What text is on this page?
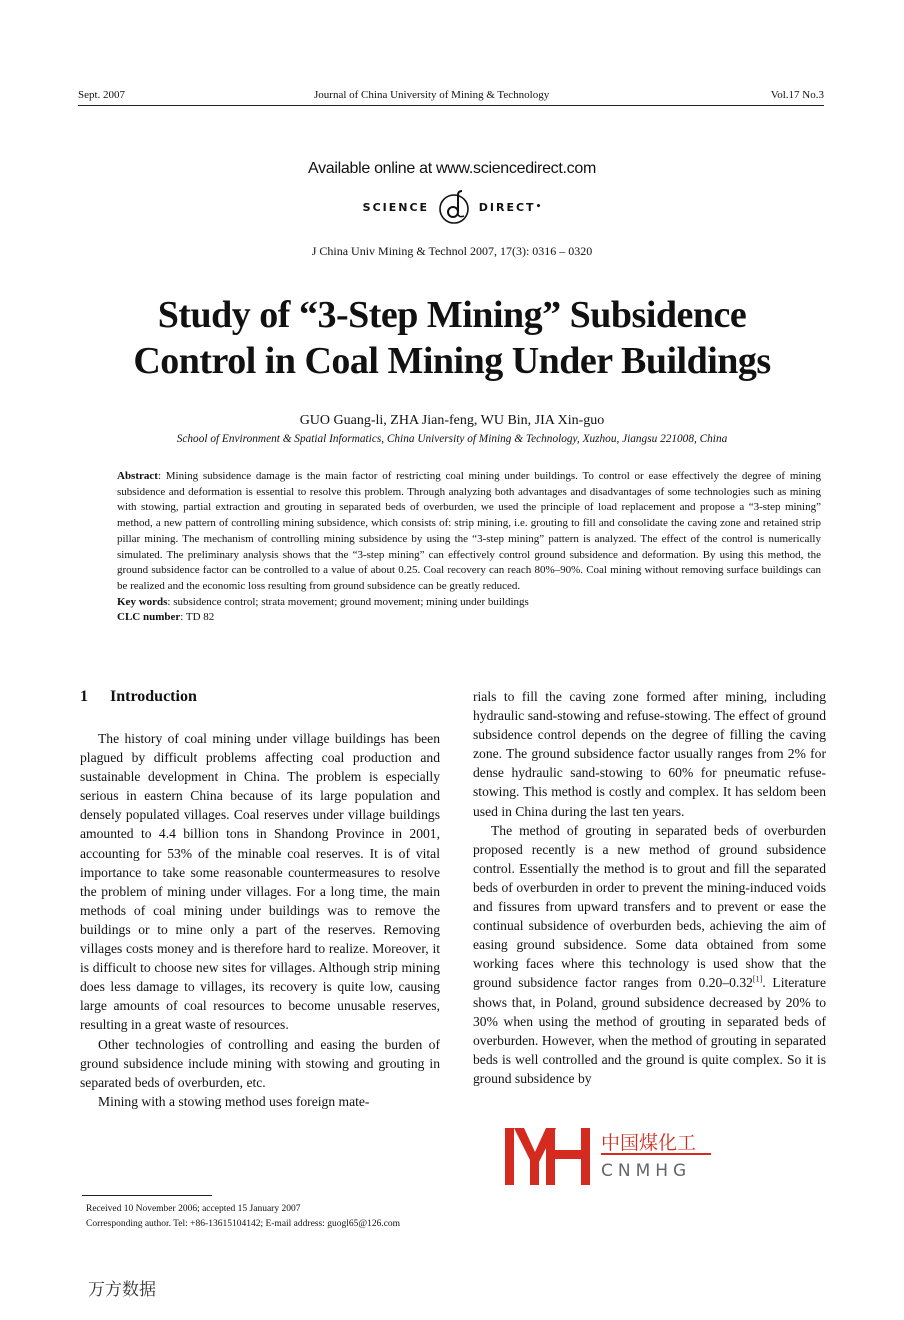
Sept. 2007	Journal of China University of Mining & Technology	Vol.17 No.3
Available online at www.sciencedirect.com
SCIENCE	DIRECT•
J China Univ Mining & Technol 2007, 17(3): 0316 – 0320
Study of “3-Step Mining” Subsidence
Control in Coal Mining Under Buildings
GUO Guang-li, ZHA Jian-feng, WU Bin, JIA Xin-guo
School of Environment & Spatial Informatics, China University of Mining & Technology, Xuzhou, Jiangsu 221008, China

Abstract: Mining subsidence damage is the main factor of restricting coal mining under buildings. To control or ease effectively the degree of mining subsidence and deformation is essential to resolve this problem. Through analyzing both advantages and disadvantages of some technologies such as mining with stowing, partial extraction and grouting in separated beds of overburden, we used the principle of load replacement and propose a “3-step mining” method, a new pattern of controlling mining subsidence, which consists of: strip mining, i.e. grouting to fill and consolidate the caving zone and retained strip pillar mining. The mechanism of controlling mining subsidence by using the “3-step mining” pattern is analyzed. The effect of the control is numerically simulated. The preliminary analysis shows that the “3-step mining” can effectively control ground subsidence and deformation. By using this method, the ground subsidence factor can be controlled to a value of about 0.25. Coal recovery can reach 80%–90%. Coal mining without removing surface buildings can be realized and the economic loss resulting from ground subsidence can be greatly reduced.

Key words: subsidence control; strata movement; ground movement; mining under buildings

CLC number: TD 82

1 Introduction

The history of coal mining under village buildings has been plagued by difficult problems affecting coal production and sustainable development in China. The problem is especially serious in eastern China because of its large population and densely populated villages. Coal reserves under village buildings amounted to 4.4 billion tons in Shandong Province in 2001, accounting for 53% of the minable coal reserves. It is of vital importance to take some reasonable countermeasures to resolve the problem of mining under villages. For a long time, the main methods of coal mining under buildings was to remove the buildings or to mine only a part of the reserves. Removing villages costs money and is therefore hard to realize. Moreover, it is difficult to choose new sites for villages. Although strip mining does less damage to villages, its recovery is quite low, causing large amounts of coal resources to become unusable reserves, resulting in a great waste of resources.

Other technologies of controlling and easing the burden of ground subsidence include mining with stowing and grouting in separated beds of overburden, etc.

Mining with a stowing method uses foreign mate-

rials to fill the caving zone formed after mining, including hydraulic sand-stowing and refuse-stowing. The effect of ground subsidence control depends on the degree of filling the caving zone. The ground subsidence factor usually ranges from 2% for dense hydraulic sand-stowing to 60% for pneumatic refuse-stowing. This method is costly and complex. It has seldom been used in China during the last ten years.

The method of grouting in separated beds of overburden proposed recently is a new method of ground subsidence control. Essentially the method is to grout and fill the separated beds of overburden in order to prevent the mining-induced voids and fissures from upward transfers and to prevent or ease the continual subsidence of overburden beds, achieving the aim of easing ground subsidence. Some data obtained from some working faces where this technology is used show that the ground subsidence factor ranges from 0.20–0.32[1]. Literature shows that, in Poland, ground subsidence decreased by 20% to 30% when using the method of grouting in separated beds of overburden. However, when the method of grouting in separated beds is well controlled and the ground is quite complex. So it is ground subsidence by

中国煤化工
CNMHG
Received 10 November 2006; accepted 15 January 2007
Corresponding author. Tel: +86-13615104142; E-mail address: guogl65@126.com
万方数据
